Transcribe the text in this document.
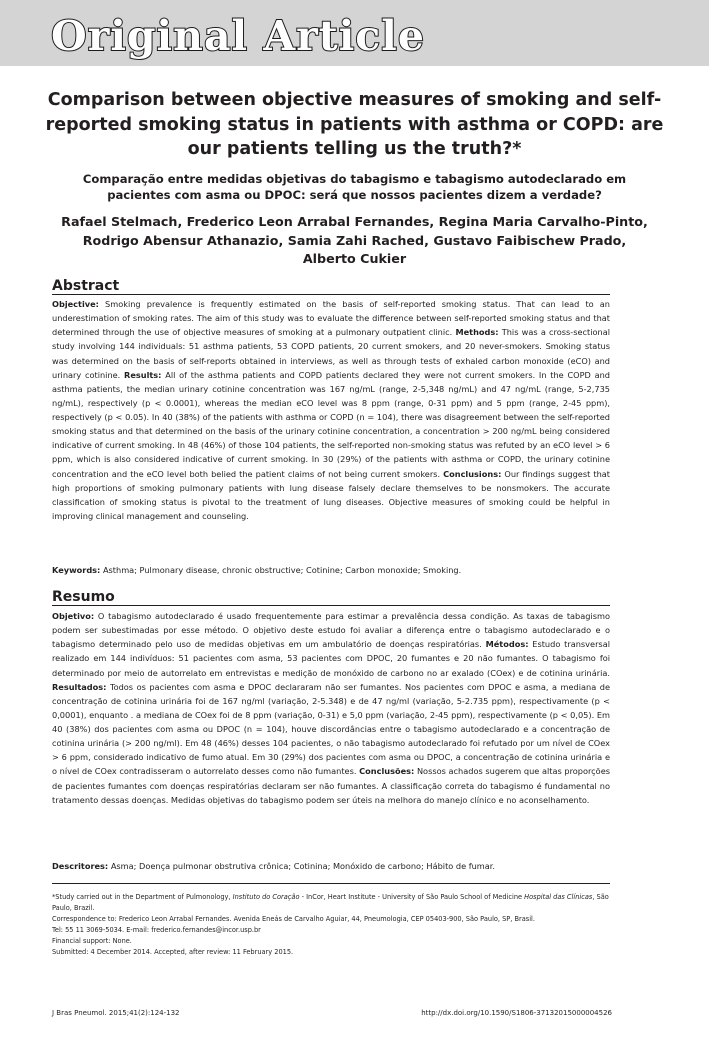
Original Article
Comparison between objective measures of smoking and self-reported smoking status in patients with asthma or COPD: are our patients telling us the truth?*
Comparação entre medidas objetivas do tabagismo e tabagismo autodeclarado em pacientes com asma ou DPOC: será que nossos pacientes dizem a verdade?
Rafael Stelmach, Frederico Leon Arrabal Fernandes, Regina Maria Carvalho-Pinto, Rodrigo Abensur Athanazio, Samia Zahi Rached, Gustavo Faibischew Prado, Alberto Cukier
Abstract
Objective: Smoking prevalence is frequently estimated on the basis of self-reported smoking status. That can lead to an underestimation of smoking rates. The aim of this study was to evaluate the difference between self-reported smoking status and that determined through the use of objective measures of smoking at a pulmonary outpatient clinic. Methods: This was a cross-sectional study involving 144 individuals: 51 asthma patients, 53 COPD patients, 20 current smokers, and 20 never-smokers. Smoking status was determined on the basis of self-reports obtained in interviews, as well as through tests of exhaled carbon monoxide (eCO) and urinary cotinine. Results: All of the asthma patients and COPD patients declared they were not current smokers. In the COPD and asthma patients, the median urinary cotinine concentration was 167 ng/mL (range, 2-5,348 ng/mL) and 47 ng/mL (range, 5-2,735 ng/mL), respectively (p < 0.0001), whereas the median eCO level was 8 ppm (range, 0-31 ppm) and 5 ppm (range, 2-45 ppm), respectively (p < 0.05). In 40 (38%) of the patients with asthma or COPD (n = 104), there was disagreement between the self-reported smoking status and that determined on the basis of the urinary cotinine concentration, a concentration > 200 ng/mL being considered indicative of current smoking. In 48 (46%) of those 104 patients, the self-reported non-smoking status was refuted by an eCO level > 6 ppm, which is also considered indicative of current smoking. In 30 (29%) of the patients with asthma or COPD, the urinary cotinine concentration and the eCO level both belied the patient claims of not being current smokers. Conclusions: Our findings suggest that high proportions of smoking pulmonary patients with lung disease falsely declare themselves to be nonsmokers. The accurate classification of smoking status is pivotal to the treatment of lung diseases. Objective measures of smoking could be helpful in improving clinical management and counseling.
Keywords: Asthma; Pulmonary disease, chronic obstructive; Cotinine; Carbon monoxide; Smoking.
Resumo
Objetivo: O tabagismo autodeclarado é usado frequentemente para estimar a prevalência dessa condição. As taxas de tabagismo podem ser subestimadas por esse método. O objetivo deste estudo foi avaliar a diferença entre o tabagismo autodeclarado e o tabagismo determinado pelo uso de medidas objetivas em um ambulatório de doenças respiratórias. Métodos: Estudo transversal realizado em 144 indivíduos: 51 pacientes com asma, 53 pacientes com DPOC, 20 fumantes e 20 não fumantes. O tabagismo foi determinado por meio de autorrelato em entrevistas e medição de monóxido de carbono no ar exalado (COex) e de cotinina urinária. Resultados: Todos os pacientes com asma e DPOC declararam não ser fumantes. Nos pacientes com DPOC e asma, a mediana de concentração de cotinina urinária foi de 167 ng/ml (variação, 2-5.348) e de 47 ng/ml (variação, 5-2.735 ppm), respectivamente (p < 0,0001), enquanto . a mediana de COex foi de 8 ppm (variação, 0-31) e 5,0 ppm (variação, 2-45 ppm), respectivamente (p < 0,05). Em 40 (38%) dos pacientes com asma ou DPOC (n = 104), houve discordâncias entre o tabagismo autodeclarado e a concentração de cotinina urinária (> 200 ng/ml). Em 48 (46%) desses 104 pacientes, o não tabagismo autodeclarado foi refutado por um nível de COex > 6 ppm, considerado indicativo de fumo atual. Em 30 (29%) dos pacientes com asma ou DPOC, a concentração de cotinina urinária e o nível de COex contradisseram o autorrelato desses como não fumantes. Conclusões: Nossos achados sugerem que altas proporções de pacientes fumantes com doenças respiratórias declaram ser não fumantes. A classificação correta do tabagismo é fundamental no tratamento dessas doenças. Medidas objetivas do tabagismo podem ser úteis na melhora do manejo clínico e no aconselhamento.
Descritores: Asma; Doença pulmonar obstrutiva crônica; Cotinina; Monóxido de carbono; Hábito de fumar.
*Study carried out in the Department of Pulmonology, Instituto do Coração - InCor, Heart Institute - University of São Paulo School of Medicine Hospital das Clínicas, São Paulo, Brazil.
Correspondence to: Frederico Leon Arrabal Fernandes. Avenida Eneás de Carvalho Aguiar, 44, Pneumologia, CEP 05403-900, São Paulo, SP, Brasil.
Tel: 55 11 3069-5034. E-mail: frederico.fernandes@incor.usp.br
Financial support: None.
Submitted: 4 December 2014. Accepted, after review: 11 February 2015.
J Bras Pneumol. 2015;41(2):124-132	http://dx.doi.org/10.1590/S1806-37132015000004526
